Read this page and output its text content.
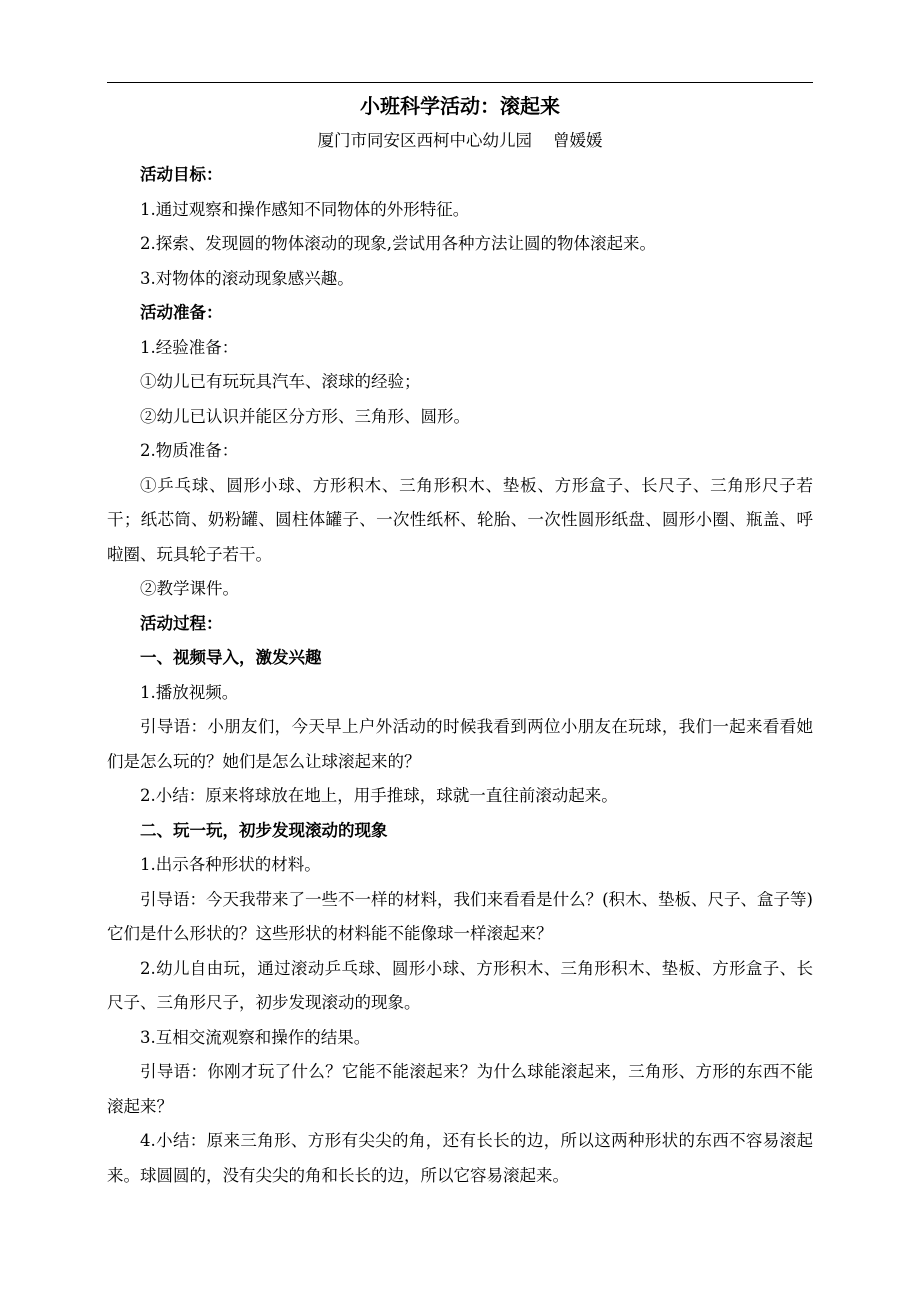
小班科学活动：滚起来

厦门市同安区西柯中心幼儿园    曾媛媛

活动目标：

1.通过观察和操作感知不同物体的外形特征。

2.探索、发现圆的物体滚动的现象,尝试用各种方法让圆的物体滚起来。

3.对物体的滚动现象感兴趣。

活动准备：

1.经验准备：

①幼儿已有玩玩具汽车、滚球的经验；

②幼儿已认识并能区分方形、三角形、圆形。

2.物质准备：

①乒乓球、圆形小球、方形积木、三角形积木、垫板、方形盒子、长尺子、三角形尺子若干；纸芯筒、奶粉罐、圆柱体罐子、一次性纸杯、轮胎、一次性圆形纸盘、圆形小圈、瓶盖、呼啦圈、玩具轮子若干。

②教学课件。

活动过程：

一、视频导入，激发兴趣

1.播放视频。

引导语：小朋友们，今天早上户外活动的时候我看到两位小朋友在玩球，我们一起来看看她们是怎么玩的？她们是怎么让球滚起来的？

2.小结：原来将球放在地上，用手推球，球就一直往前滚动起来。

二、玩一玩，初步发现滚动的现象

1.出示各种形状的材料。

引导语：今天我带来了一些不一样的材料，我们来看看是什么？(积木、垫板、尺子、盒子等)它们是什么形状的？这些形状的材料能不能像球一样滚起来？

2.幼儿自由玩，通过滚动乒乓球、圆形小球、方形积木、三角形积木、垫板、方形盒子、长尺子、三角形尺子，初步发现滚动的现象。

3.互相交流观察和操作的结果。

引导语：你刚才玩了什么？它能不能滚起来？为什么球能滚起来，三角形、方形的东西不能滚起来？

4.小结：原来三角形、方形有尖尖的角，还有长长的边，所以这两种形状的东西不容易滚起来。球圆圆的，没有尖尖的角和长长的边，所以它容易滚起来。
